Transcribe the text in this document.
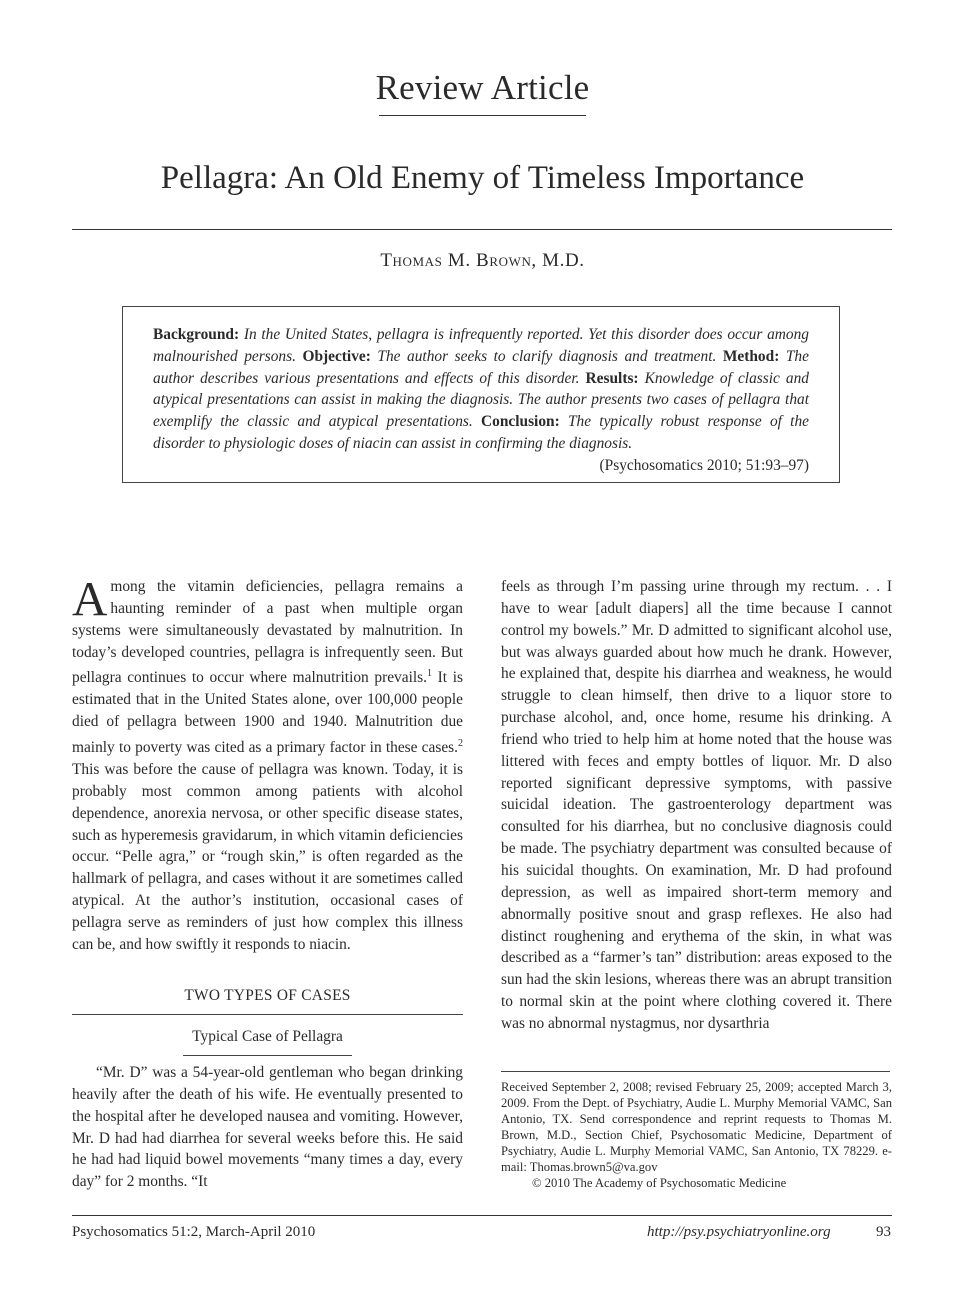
Review Article
Pellagra: An Old Enemy of Timeless Importance
Thomas M. Brown, M.D.
Background: In the United States, pellagra is infrequently reported. Yet this disorder does occur among malnourished persons. Objective: The author seeks to clarify diagnosis and treatment. Method: The author describes various presentations and effects of this disorder. Results: Knowledge of classic and atypical presentations can assist in making the diagnosis. The author presents two cases of pellagra that exemplify the classic and atypical presentations. Conclusion: The typically robust response of the disorder to physiologic doses of niacin can assist in confirming the diagnosis.
(Psychosomatics 2010; 51:93–97)

Among the vitamin deficiencies, pellagra remains a haunting reminder of a past when multiple organ systems were simultaneously devastated by malnutrition. In today’s developed countries, pellagra is infrequently seen. But pellagra continues to occur where malnutrition prevails.$^1$ It is estimated that in the United States alone, over 100,000 people died of pellagra between 1900 and 1940. Malnutrition due mainly to poverty was cited as a primary factor in these cases.$^2$ This was before the cause of pellagra was known. Today, it is probably most common among patients with alcohol dependence, anorexia nervosa, or other specific disease states, such as hyperemesis gravidarum, in which vitamin deficiencies occur. “Pelle agra,” or “rough skin,” is often regarded as the hallmark of pellagra, and cases without it are sometimes called atypical. At the author’s institution, occasional cases of pellagra serve as reminders of just how complex this illness can be, and how swiftly it responds to niacin.

TWO TYPES OF CASES
Typical Case of Pellagra

“Mr. D” was a 54-year-old gentleman who began drinking heavily after the death of his wife. He eventually presented to the hospital after he developed nausea and vomiting. However, Mr. D had had diarrhea for several weeks before this. He said he had had liquid bowel movements “many times a day, every day” for 2 months. “It

feels as through I’m passing urine through my rectum. . . I have to wear [adult diapers] all the time because I cannot control my bowels.” Mr. D admitted to significant alcohol use, but was always guarded about how much he drank. However, he explained that, despite his diarrhea and weakness, he would struggle to clean himself, then drive to a liquor store to purchase alcohol, and, once home, resume his drinking. A friend who tried to help him at home noted that the house was littered with feces and empty bottles of liquor. Mr. D also reported significant depressive symptoms, with passive suicidal ideation. The gastroenterology department was consulted for his diarrhea, but no conclusive diagnosis could be made. The psychiatry department was consulted because of his suicidal thoughts. On examination, Mr. D had profound depression, as well as impaired short-term memory and abnormally positive snout and grasp reflexes. He also had distinct roughening and erythema of the skin, in what was described as a “farmer’s tan” distribution: areas exposed to the sun had the skin lesions, whereas there was an abrupt transition to normal skin at the point where clothing covered it. There was no abnormal nystagmus, nor dysarthria

Received September 2, 2008; revised February 25, 2009; accepted March 3, 2009. From the Dept. of Psychiatry, Audie L. Murphy Memorial VAMC, San Antonio, TX. Send correspondence and reprint requests to Thomas M. Brown, M.D., Section Chief, Psychosomatic Medicine, Department of Psychiatry, Audie L. Murphy Memorial VAMC, San Antonio, TX 78229. e-mail: Thomas.brown5@va.gov
© 2010 The Academy of Psychosomatic Medicine
Psychosomatics 51:2, March-April 2010	http://psy.psychiatryonline.org	93
